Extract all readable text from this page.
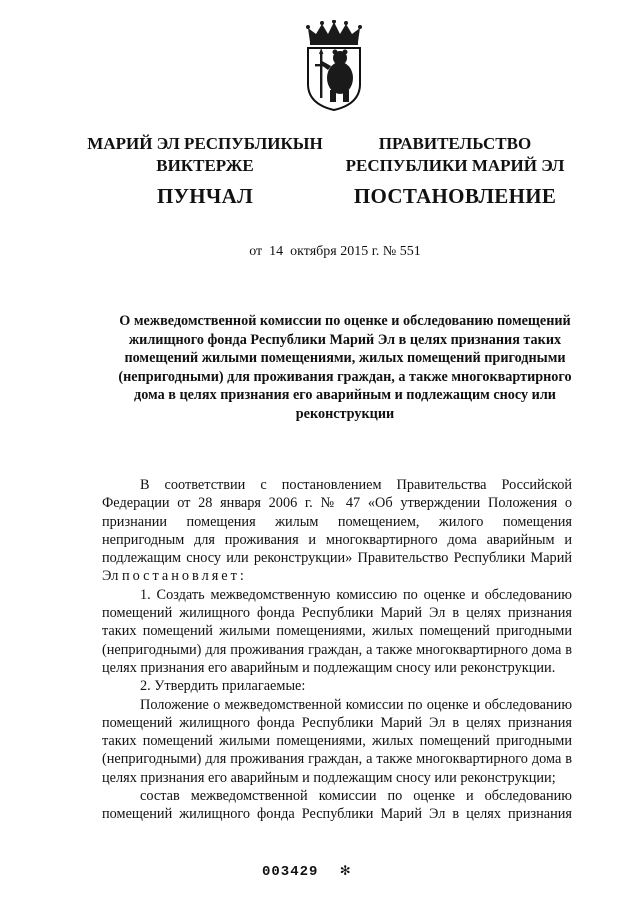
МАРИЙ ЭЛ РЕСПУБЛИКЫН
ВИКТЕРЖЕ
ПУНЧАЛ
ПРАВИТЕЛЬСТВО
РЕСПУБЛИКИ МАРИЙ ЭЛ
ПОСТАНОВЛЕНИЕ
от  14  октября 2015 г. № 551
О межведомственной комиссии по оценке и обследованию помещений жилищного фонда Республики Марий Эл в целях признания таких помещений жилыми помещениями, жилых помещений пригодными (непригодными) для проживания граждан, а также многоквартирного дома в целях признания его аварийным и подлежащим сносу или реконструкции

В соответствии с постановлением Правительства Российской Федерации от 28 января 2006 г. № 47 «Об утверждении Положения о признании помещения жилым помещением, жилого помещения непригодным для проживания и многоквартирного дома аварийным и подлежащим сносу или реконструкции» Правительство Республики Марий Эл постановляет:

1. Создать межведомственную комиссию по оценке и обследованию помещений жилищного фонда Республики Марий Эл в целях признания таких помещений жилыми помещениями, жилых помещений пригодными (непригодными) для проживания граждан, а также многоквартирного дома в целях признания его аварийным и подлежащим сносу или реконструкции.

2. Утвердить прилагаемые:

Положение о межведомственной комиссии по оценке и обследованию помещений жилищного фонда Республики Марий Эл в целях признания таких помещений жилыми помещениями, жилых помещений пригодными (непригодными) для проживания граждан, а также многоквартирного дома в целях признания его аварийным и подлежащим сносу или реконструкции;

состав межведомственной комиссии по оценке и обследованию помещений жилищного фонда Республики Марий Эл в целях признания

003429 ✻
